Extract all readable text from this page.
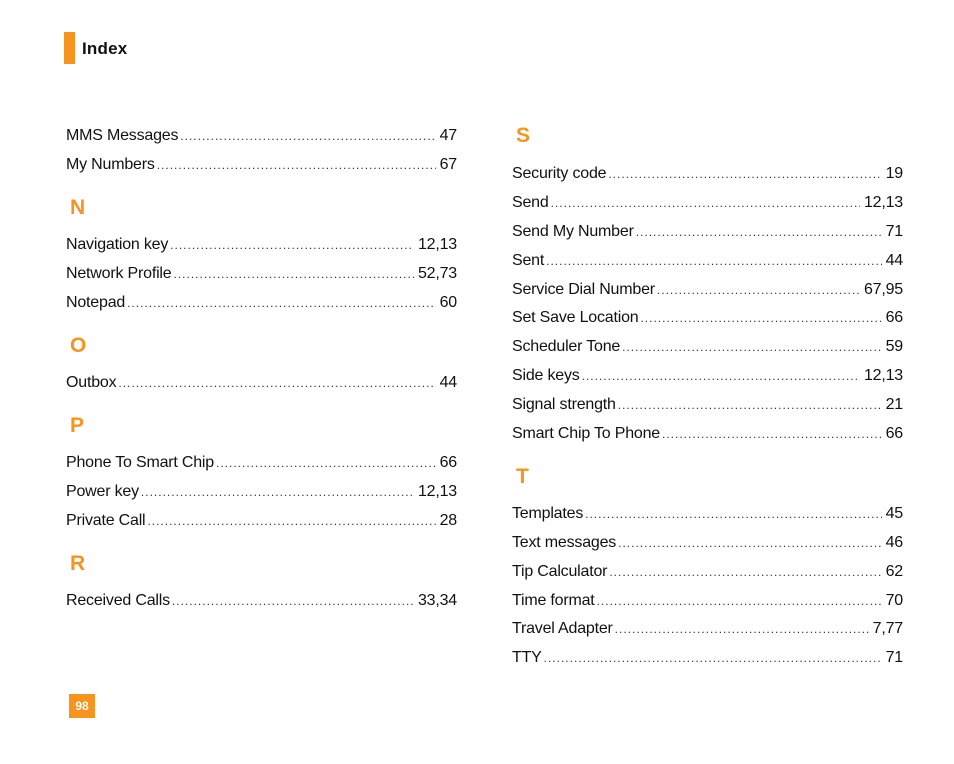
Index
MMS Messages .....	47
My Numbers .....	67
N
Navigation key .....	12,13
Network Profile .....	52,73
Notepad .....	60
O
Outbox .....	44
P
Phone To Smart Chip .....	66
Power key .....	12,13
Private Call .....	28
R
Received Calls .....	33,34
S
Security code .....	19
Send .....	12,13
Send My Number .....	71
Sent .....	44
Service Dial Number .....	67,95
Set Save Location .....	66
Scheduler Tone .....	59
Side keys .....	12,13
Signal strength .....	21
Smart Chip To Phone .....	66
T
Templates .....	45
Text messages .....	46
Tip Calculator .....	62
Time format .....	70
Travel Adapter .....	7,77
TTY .....	71
98
